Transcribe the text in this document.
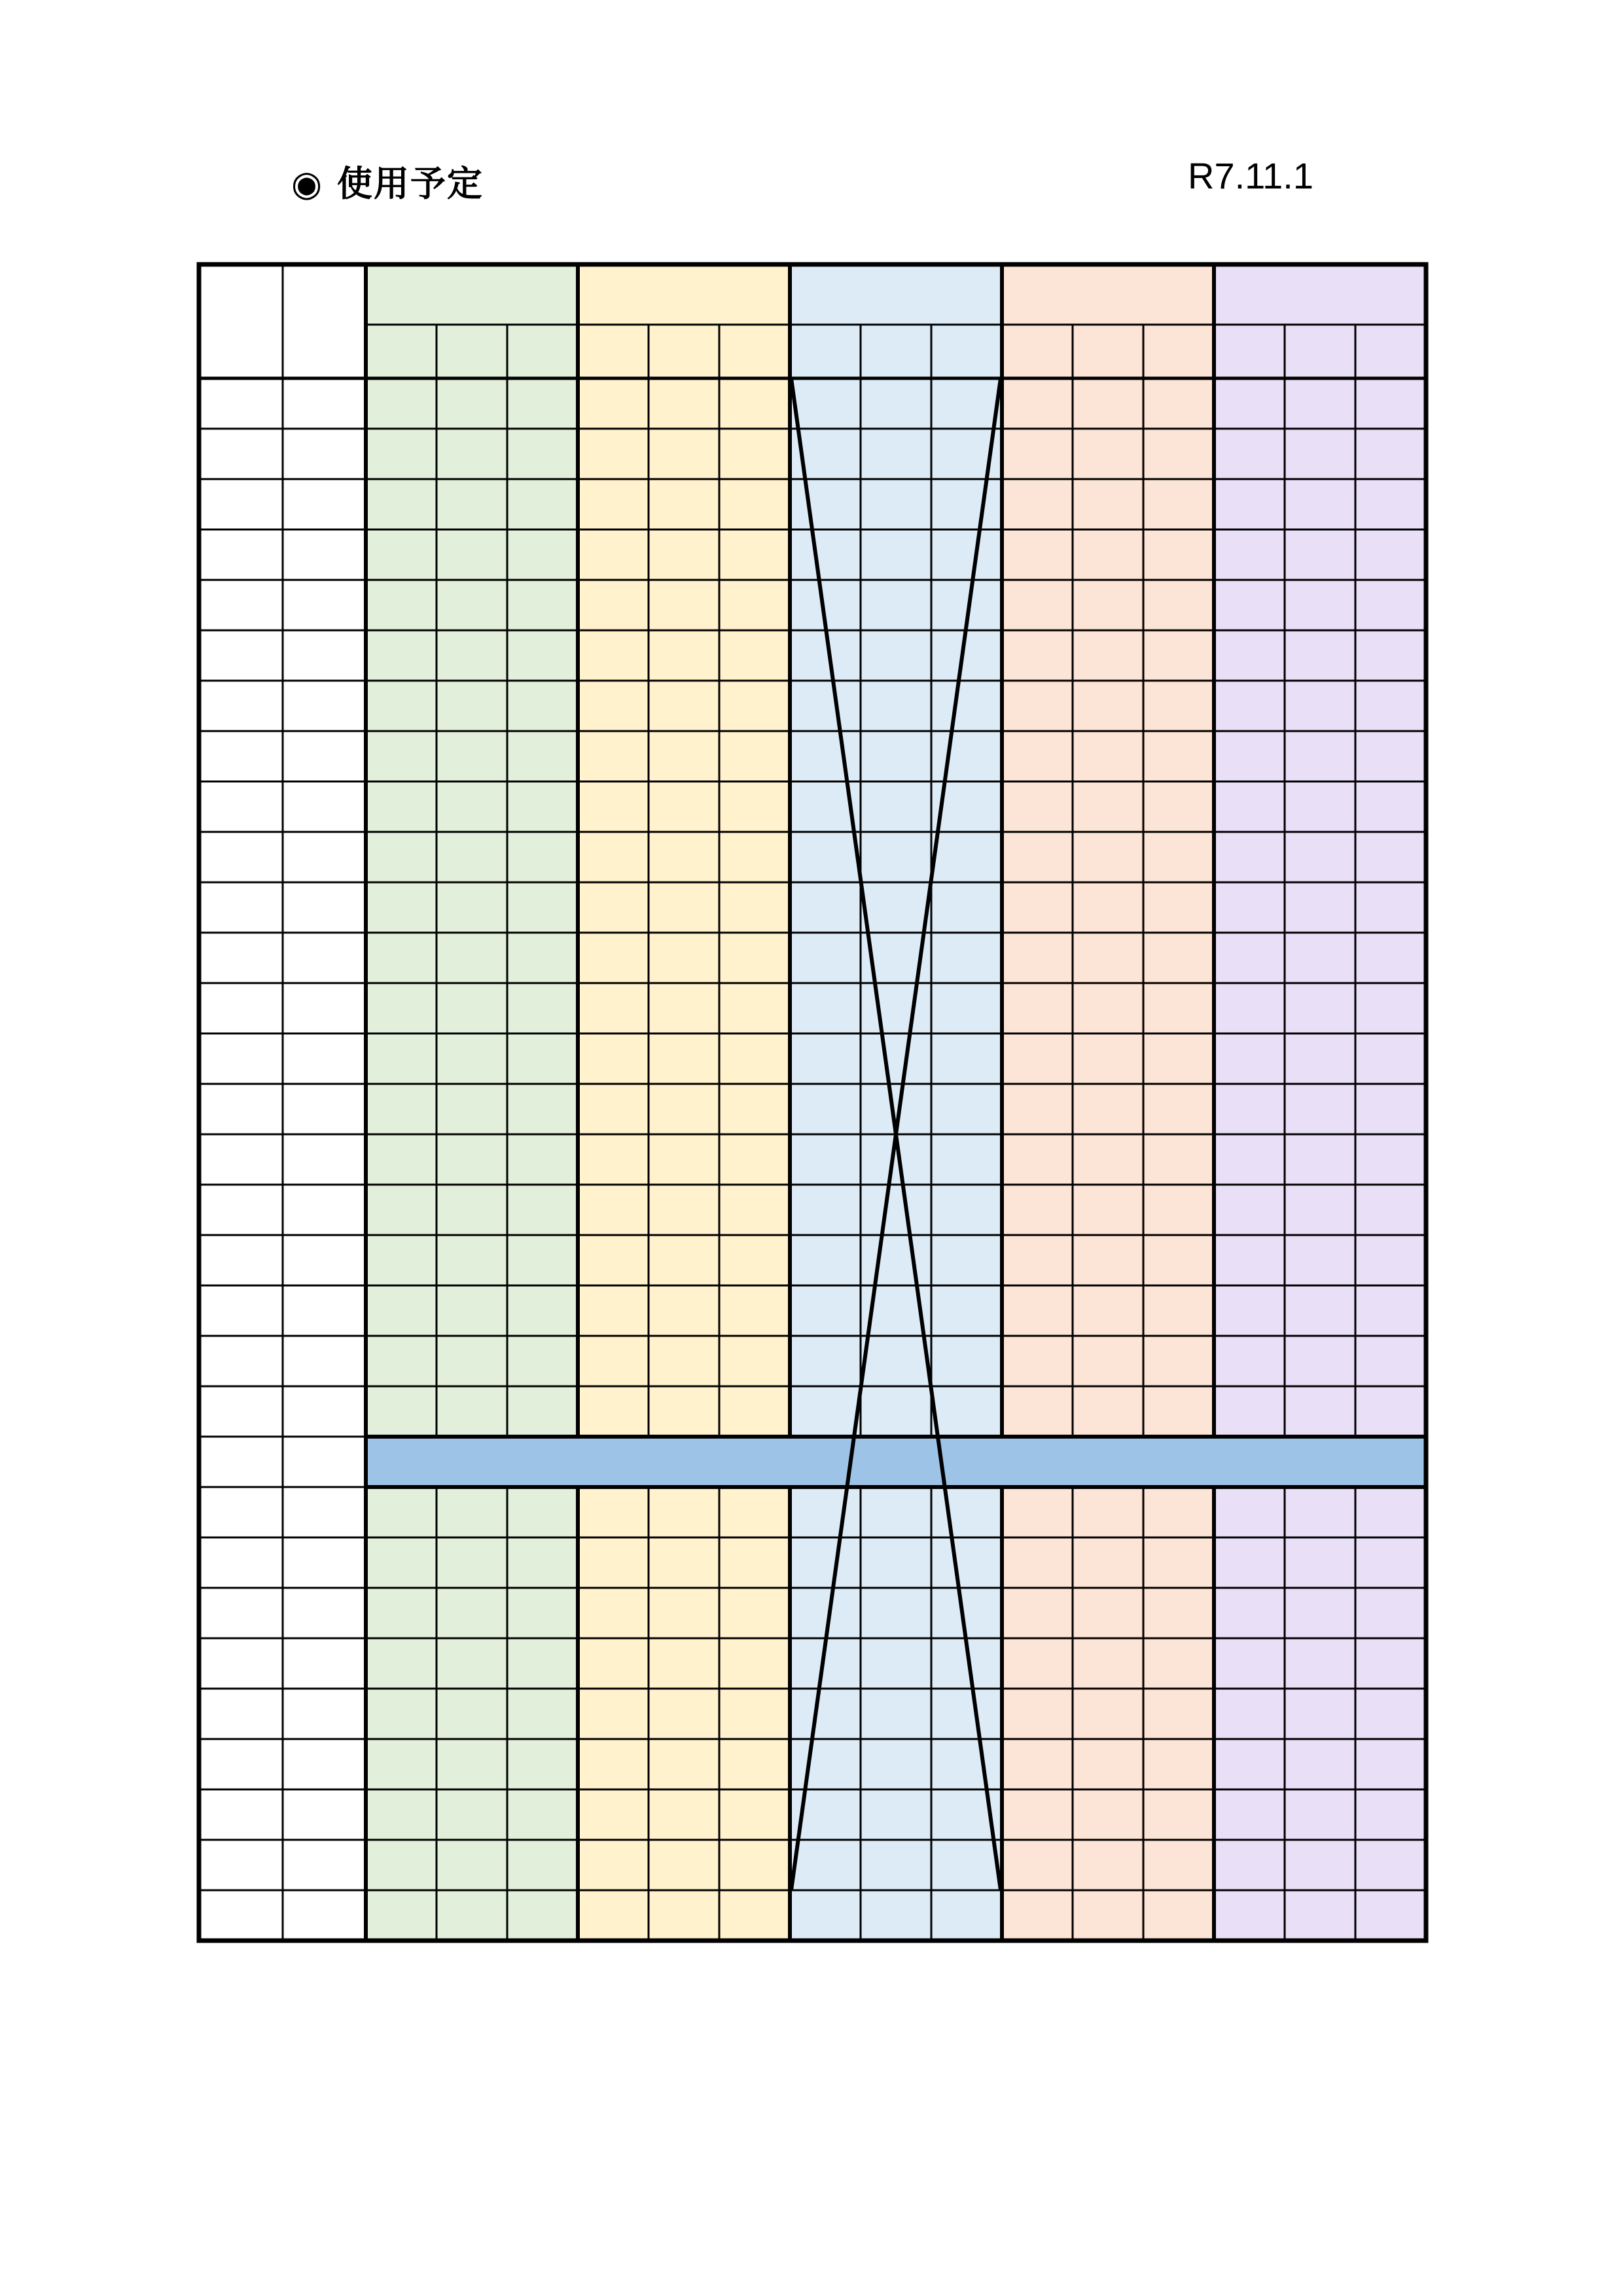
◉ 使用予定	R7.11.1
